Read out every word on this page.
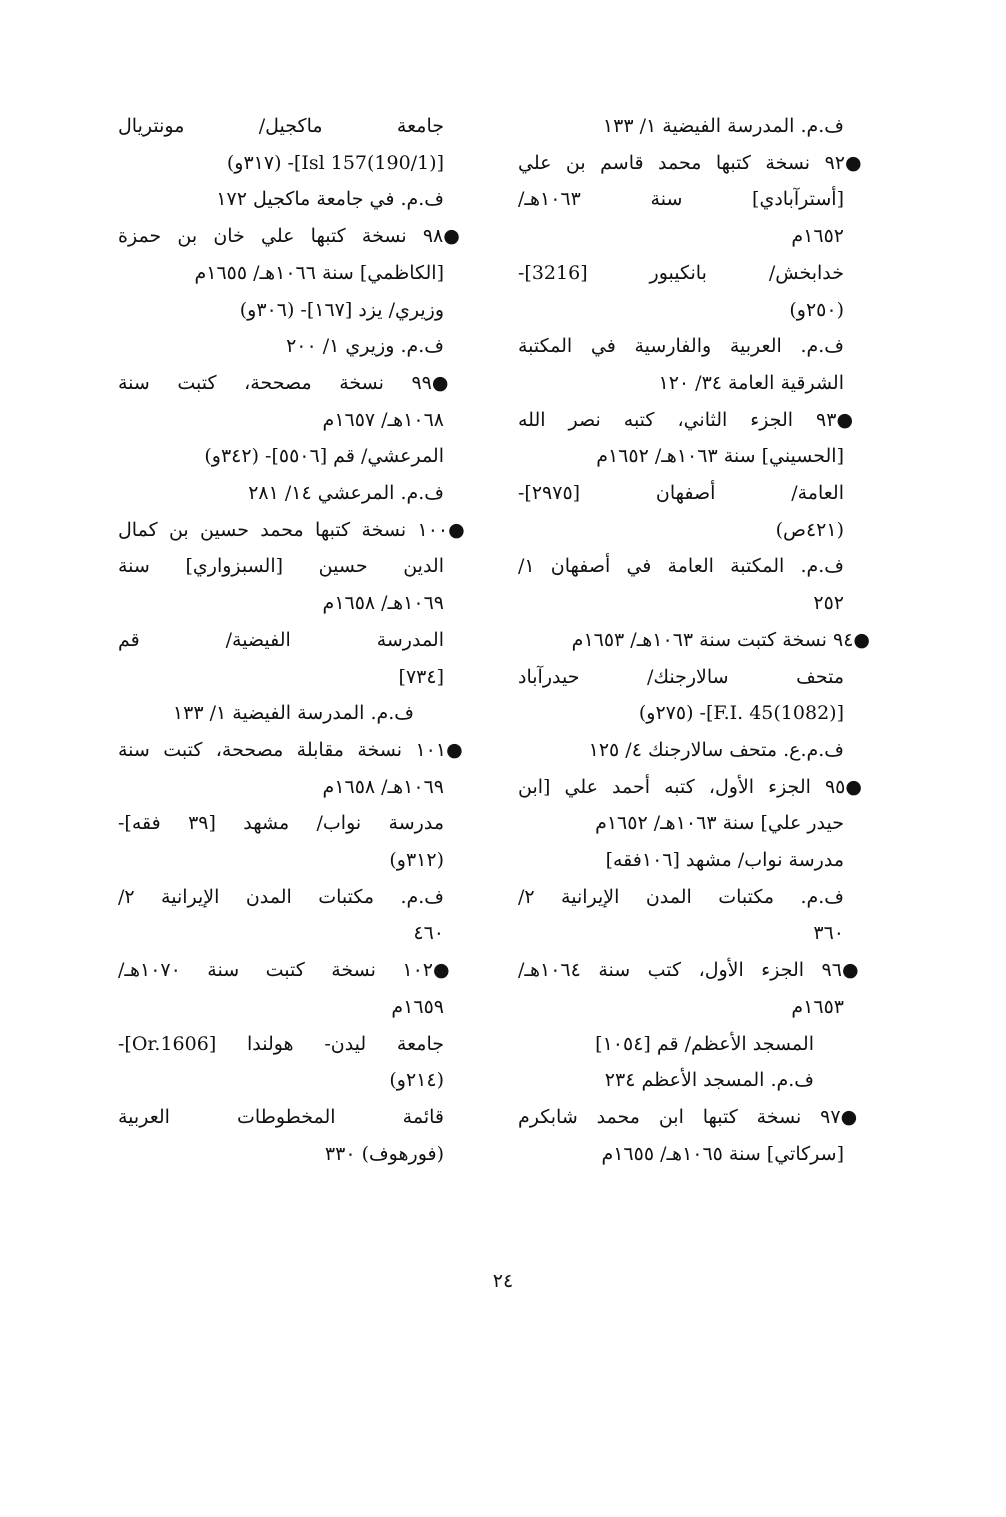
ف.م. المدرسة الفيضية ١/ ١٣٣
●٩٢ نسخة كتبها محمد قاسم بن علي
[أسترآبادي] سنة ١٠٦٣هـ/
١٦٥٢م
خدابخش/ بانكيبور [3216]-
(٢٥٠و)
ف.م. العربية والفارسية في المكتبة
الشرقية العامة ٣٤/ ١٢٠
●٩٣ الجزء الثاني، كتبه نصر الله
[الحسيني] سنة ١٠٦٣هـ/ ١٦٥٢م
العامة/ أصفهان [٢٩٧٥]-
(٤٢١ص)
ف.م. المكتبة العامة في أصفهان ١/
٢٥٢
●٩٤ نسخة كتبت سنة ١٠٦٣هـ/ ١٦٥٣م
متحف سالارجنك/ حيدرآباد
[F.I. 45(1082)]- (٢٧٥و)
ف.م.ع. متحف سالارجنك ٤/ ١٢٥
●٩٥ الجزء الأول، كتبه أحمد علي [ابن
حيدر علي] سنة ١٠٦٣هـ/ ١٦٥٢م
مدرسة نواب/ مشهد [١٠٦فقه]
ف.م. مكتبات المدن الإيرانية ٢/
٣٦٠
●٩٦ الجزء الأول، كتب سنة ١٠٦٤هـ/
١٦٥٣م
المسجد الأعظم/ قم [١٠٥٤]
ف.م. المسجد الأعظم ٢٣٤
●٩٧ نسخة كتبها ابن محمد شابكرم
[سركاتي] سنة ١٠٦٥هـ/ ١٦٥٥م
جامعة ماكجيل/ مونتريال
[Isl 157(190/1)]- (٣١٧و)
ف.م. في جامعة ماكجيل ١٧٢
●٩٨ نسخة كتبها علي خان بن حمزة
[الكاظمي] سنة ١٠٦٦هـ/ ١٦٥٥م
وزيري/ يزد [١٦٧]- (٣٠٦و)
ف.م. وزيري ١/ ٢٠٠
●٩٩ نسخة مصححة، كتبت سنة
١٠٦٨هـ/ ١٦٥٧م
المرعشي/ قم [٥٥٠٦]- (٣٤٢و)
ف.م. المرعشي ١٤/ ٢٨١
●١٠٠ نسخة كتبها محمد حسين بن كمال
الدين حسين [السبزواري] سنة
١٠٦٩هـ/ ١٦٥٨م
المدرسة الفيضية/ قم
[٧٣٤]
ف.م. المدرسة الفيضية ١/ ١٣٣
●١٠١ نسخة مقابلة مصححة، كتبت سنة
١٠٦٩هـ/ ١٦٥٨م
مدرسة نواب/ مشهد [٣٩ فقه]-
(٣١٢و)
ف.م. مكتبات المدن الإيرانية ٢/
٤٦٠
●١٠٢ نسخة كتبت سنة ١٠٧٠هـ/
١٦٥٩م
جامعة ليدن- هولندا [Or.1606]-
(٢١٤و)
قائمة المخطوطات العربية
(فورهوف) ٣٣٠
٢٤
